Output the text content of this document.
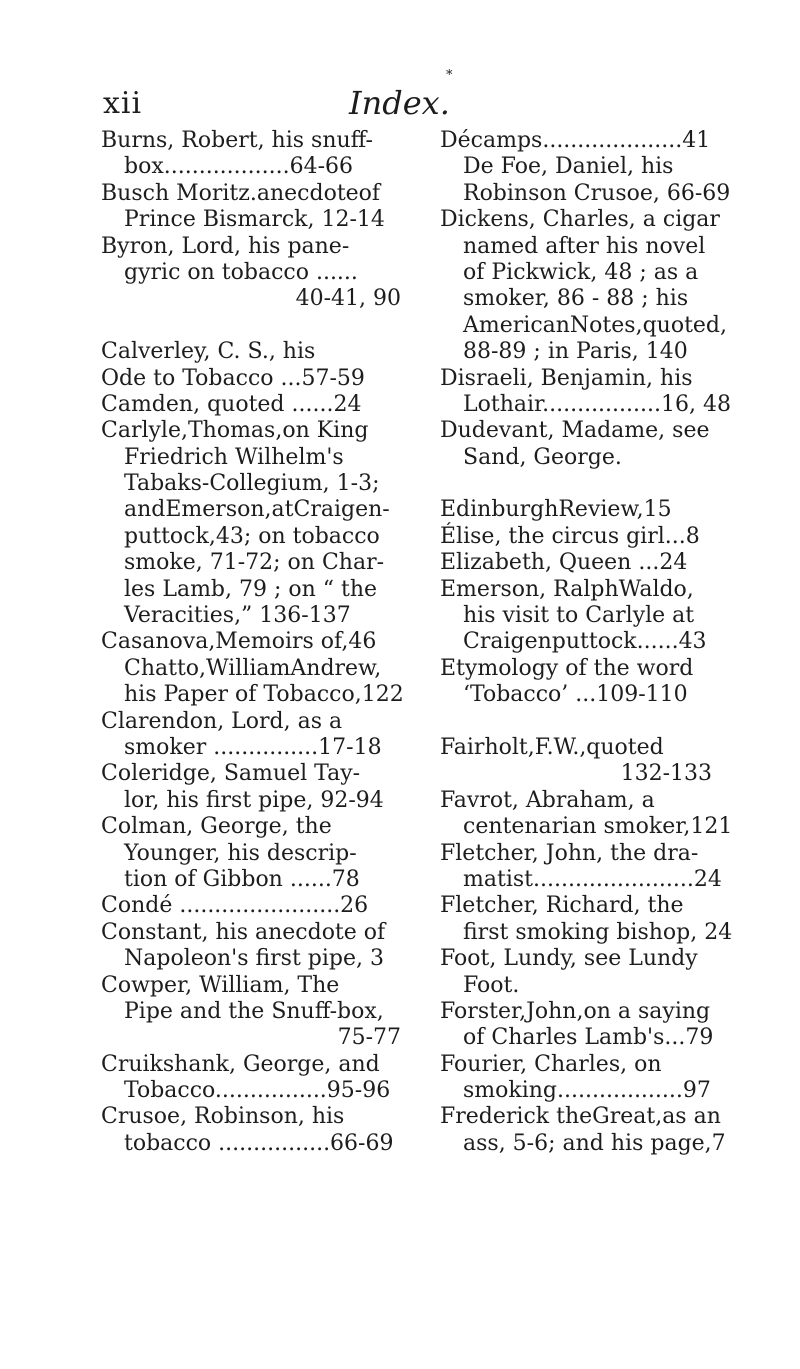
xii	Index.
*
Burns, Robert, his snuff-
box..................64-66
Busch Moritz.anecdoteof
Prince Bismarck, 12-14
Byron, Lord, his pane-
gyric on tobacco ......
40-41, 90
Calverley, C. S., his
Ode to Tobacco ...57-59
Camden, quoted ......24
Carlyle,Thomas,on King
Friedrich Wilhelm's
Tabaks-Collegium, 1-3;
andEmerson,atCraigen-
puttock,43; on tobacco
smoke, 71-72; on Char-
les Lamb, 79 ; on “ the
Veracities,” 136-137
Casanova,Memoirs of,46
Chatto,WilliamAndrew,
his Paper of Tobacco,122
Clarendon, Lord, as a
smoker ...............17-18
Coleridge, Samuel Tay-
lor, his first pipe, 92-94
Colman, George, the
Younger, his descrip-
tion of Gibbon ......78
Condé .......................26
Constant, his anecdote of
Napoleon's first pipe, 3
Cowper, William, The
Pipe and the Snuff-box,
75-77
Cruikshank, George, and
Tobacco................95-96
Crusoe, Robinson, his
tobacco ................66-69
Décamps....................41
De Foe, Daniel, his
Robinson Crusoe, 66-69
Dickens, Charles, a cigar
named after his novel
of Pickwick, 48 ; as a
smoker, 86 - 88 ; his
AmericanNotes,quoted,
88-89 ; in Paris, 140
Disraeli, Benjamin, his
Lothair.................16, 48
Dudevant, Madame, see
Sand, George.
EdinburghReview,15
Élise, the circus girl...8
Elizabeth, Queen ...24
Emerson, RalphWaldo,
his visit to Carlyle at
Craigenputtock......43
Etymology of the word
‘Tobacco’ ...109-110
Fairholt,F.W.,quoted
132-133
Favrot, Abraham, a
centenarian smoker,121
Fletcher, John, the dra-
matist.......................24
Fletcher, Richard, the
first smoking bishop, 24
Foot, Lundy, see Lundy
Foot.
Forster,John,on a saying
of Charles Lamb's...79
Fourier, Charles, on
smoking..................97
Frederick theGreat,as an
ass, 5-6; and his page,7
